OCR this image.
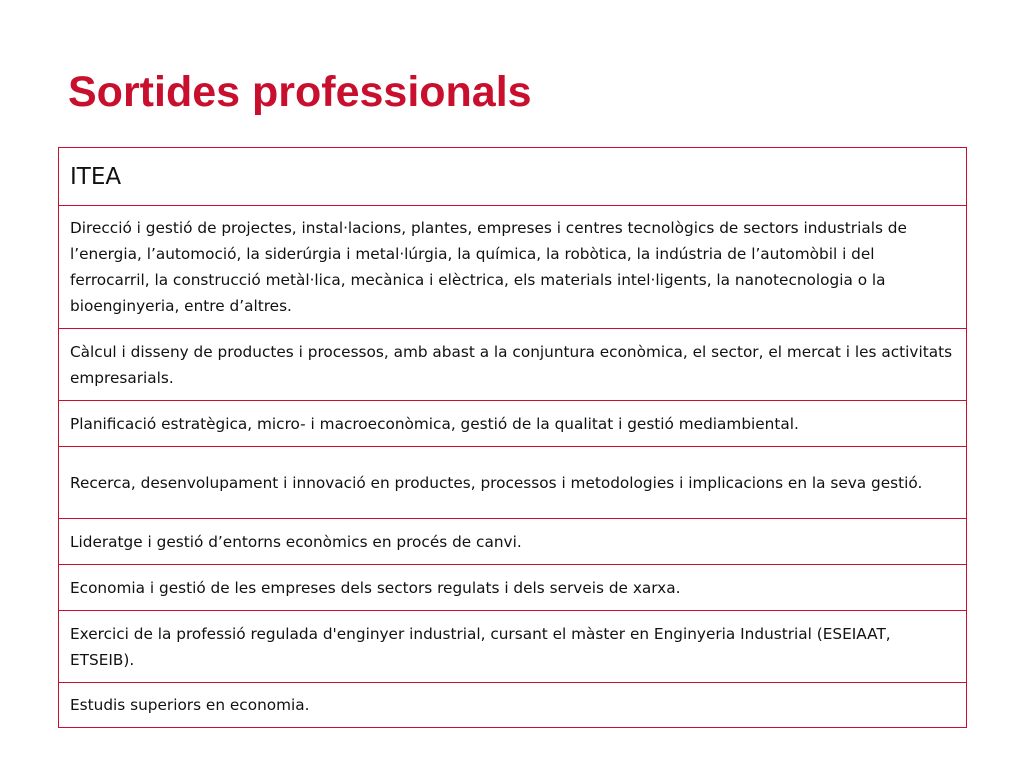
Sortides professionals
ITEA
Direcció i gestió de projectes, instal·lacions, plantes, empreses i centres tecnològics de sectors industrials de l’energia, l’automoció, la siderúrgia i metal·lúrgia, la química, la robòtica, la indústria de l’automòbil i del ferrocarril, la construcció metàl·lica, mecànica i elèctrica, els materials intel·ligents, la nanotecnologia o la bioenginyeria, entre d’altres.
Càlcul i disseny de productes i processos, amb abast a la conjuntura econòmica, el sector, el mercat i les activitats empresarials.
Planificació estratègica, micro- i macroeconòmica, gestió de la qualitat i gestió mediambiental.
Recerca, desenvolupament i innovació en productes, processos i metodologies i implicacions en la seva gestió.
Lideratge i gestió d’entorns econòmics en procés de canvi.
Economia i gestió de les empreses dels sectors regulats i dels serveis de xarxa.
Exercici de la professió regulada d'enginyer industrial, cursant el màster en Enginyeria Industrial (ESEIAAT, ETSEIB).
Estudis superiors en economia.
